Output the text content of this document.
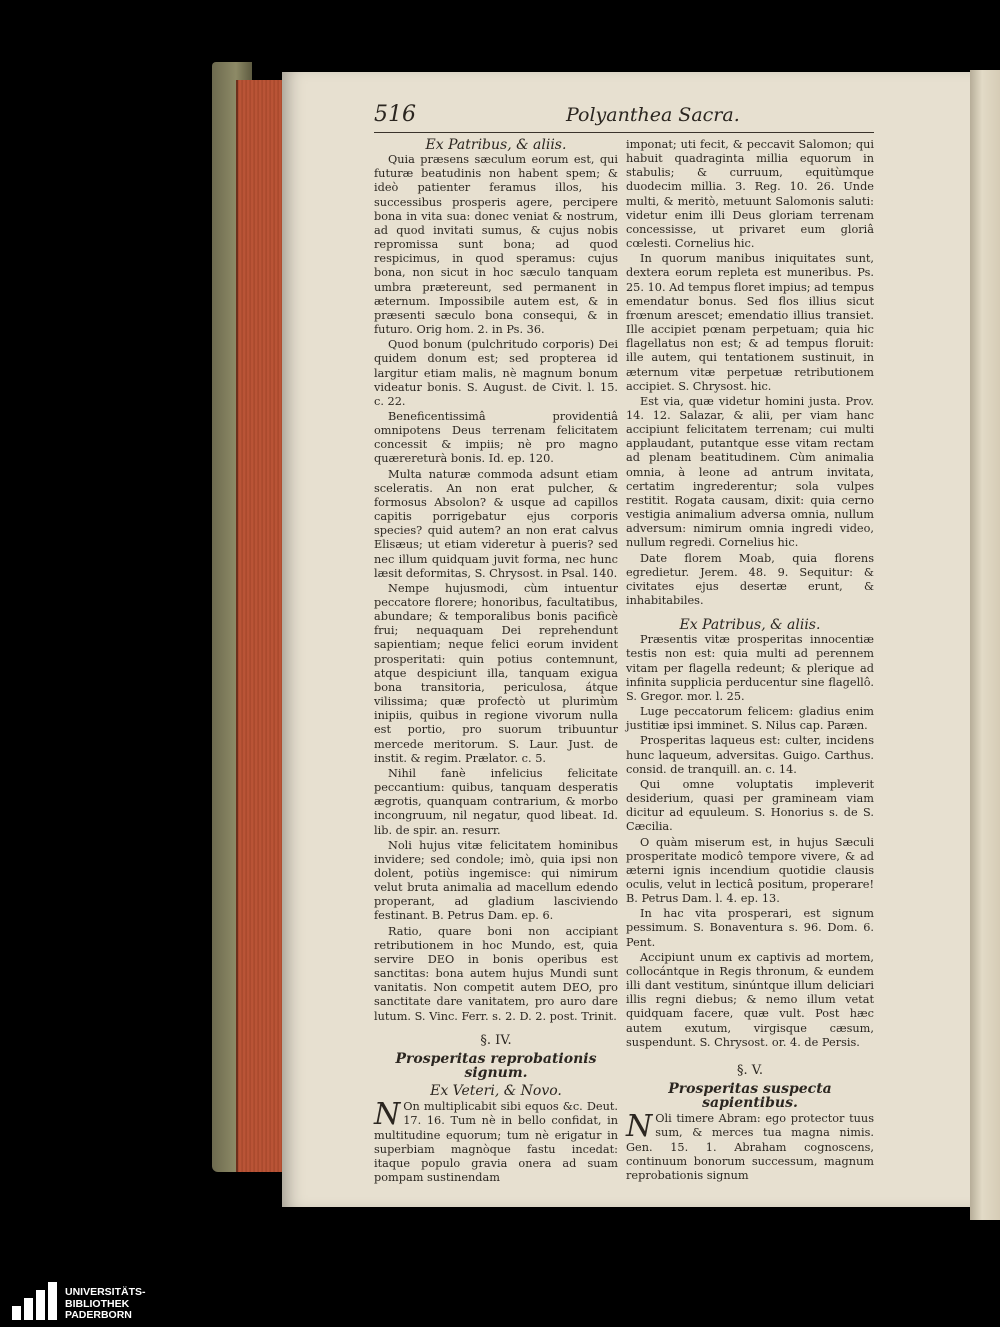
516	Polyanthea Sacra.

Ex Patribus, & aliis.

Quia præsens sæculum eorum est, qui futuræ beatudinis non habent spem; & ideò patienter feramus illos, his successibus prosperis agere, percipere bona in vita sua: donec veniat & nostrum, ad quod invitati sumus, & cujus nobis repromissa sunt bona; ad quod respicimus, in quod speramus: cujus bona, non sicut in hoc sæculo tanquam umbra prætereunt, sed permanent in æternum. Impossibile autem est, & in præsenti sæculo bona consequi, & in futuro. Orig hom. 2. in Ps. 36.

Quod bonum (pulchritudo corporis) Dei quidem donum est; sed propterea id largitur etiam malis, nè magnum bonum videatur bonis. S. August. de Civit. l. 15. c. 22.

Beneficentissimâ providentiâ omnipotens Deus terrenam felicitatem concessit & impiis; nè pro magno quærereturà bonis. Id. ep. 120.

Multa naturæ commoda adsunt etiam sceleratis. An non erat pulcher, & formosus Absolon? & usque ad capillos capitis porrigebatur ejus corporis species? quid autem? an non erat calvus Elisæus; ut etiam videretur à pueris? sed nec illum quidquam juvit forma, nec hunc læsit deformitas, S. Chrysost. in Psal. 140.

Nempe hujusmodi, cùm intuentur peccatore florere; honoribus, facultatibus, abundare; & temporalibus bonis pacificè frui; nequaquam Dei reprehendunt sapientiam; neque felici eorum invident prosperitati: quin potius contemnunt, atque despiciunt illa, tanquam exigua bona transitoria, periculosa, átque vilissima; quæ profectò ut plurimùm inipiis, quibus in regione vivorum nulla est portio, pro suorum tribuuntur mercede meritorum. S. Laur. Just. de instit. & regim. Prælator. c. 5.

Nihil fanè infelicius felicitate peccantium: quibus, tanquam desperatis ægrotis, quanquam contrarium, & morbo incongruum, nil negatur, quod libeat. Id. lib. de spir. an. resurr.

Noli hujus vitæ felicitatem hominibus invidere; sed condole; imò, quia ipsi non dolent, potiùs ingemisce: qui nimirum velut bruta animalia ad macellum edendo properant, ad gladium lasciviendo festinant. B. Petrus Dam. ep. 6.

Ratio, quare boni non accipiant retributionem in hoc Mundo, est, quia servire DEO in bonis operibus est sanctitas: bona autem hujus Mundi sunt vanitatis. Non competit autem DEO, pro sanctitate dare vanitatem, pro auro dare lutum. S. Vinc. Ferr. s. 2. D. 2. post. Trinit.

§. IV.
Prosperitas reprobationis signum.
Ex Veteri, & Novo.

N On multiplicabit sibi equos &c. Deut. 17. 16. Tum nè in bello confidat, in multitudine equorum; tum nè erigatur in superbiam magnòque fastu incedat: itaque populo gravia onera ad suam pompam sustinendam

imponat; uti fecit, & peccavit Salomon; qui habuit quadraginta millia equorum in stabulis; & curruum, equitùmque duodecim millia. 3. Reg. 10. 26. Unde multi, & meritò, metuunt Salomonis saluti: videtur enim illi Deus gloriam terrenam concessisse, ut privaret eum gloriâ cœlesti. Cornelius hic.

In quorum manibus iniquitates sunt, dextera eorum repleta est muneribus. Ps. 25. 10. Ad tempus floret impius; ad tempus emendatur bonus. Sed flos illius sicut frœnum arescet; emendatio illius transiet. Ille accipiet pœnam perpetuam; quia hic flagellatus non est; & ad tempus floruit: ille autem, qui tentationem sustinuit, in æternum vitæ perpetuæ retributionem accipiet. S. Chrysost. hic.

Est via, quæ videtur homini justa. Prov. 14. 12. Salazar, & alii, per viam hanc accipiunt felicitatem terrenam; cui multi applaudant, putantque esse vitam rectam ad plenam beatitudinem. Cùm animalia omnia, à leone ad antrum invitata, certatim ingrederentur; sola vulpes restitit. Rogata causam, dixit: quia cerno vestigia animalium adversa omnia, nullum adversum: nimirum omnia ingredi video, nullum regredi. Cornelius hic.

Date florem Moab, quia florens egredietur. Jerem. 48. 9. Sequitur: & civitates ejus desertæ erunt, & inhabitabiles.

Ex Patribus, & aliis.

Præsentis vitæ prosperitas innocentiæ testis non est: quia multi ad perennem vitam per flagella redeunt; & plerique ad infinita supplicia perducentur sine flagellô. S. Gregor. mor. l. 25.

Luge peccatorum felicem: gladius enim justitiæ ipsi imminet. S. Nilus cap. Paræn.

Prosperitas laqueus est: culter, incidens hunc laqueum, adversitas. Guigo. Carthus. consid. de tranquill. an. c. 14.

Qui omne voluptatis impleverit desiderium, quasi per gramineam viam dicitur ad equuleum. S. Honorius s. de S. Cæcilia.

O quàm miserum est, in hujus Sæculi prosperitate modicô tempore vivere, & ad æterni ignis incendium quotidie clausis oculis, velut in lecticâ positum, properare! B. Petrus Dam. l. 4. ep. 13.

In hac vita prosperari, est signum pessimum. S. Bonaventura s. 96. Dom. 6. Pent.

Accipiunt unum ex captivis ad mortem, collocántque in Regis thronum, & eundem illi dant vestitum, sinúntque illum deliciari illis regni diebus; & nemo illum vetat quidquam facere, quæ vult. Post hæc autem exutum, virgisque cæsum, suspendunt. S. Chrysost. or. 4. de Persis.

§. V.
Prosperitas suspecta sapientibus.

N Oli timere Abram: ego protector tuus sum, & merces tua magna nimis. Gen. 15. 1. Abraham cognoscens, continuum bonorum successum, magnum reprobationis signum

UNIVERSITÄTS-
BIBLIOTHEK
PADERBORN
